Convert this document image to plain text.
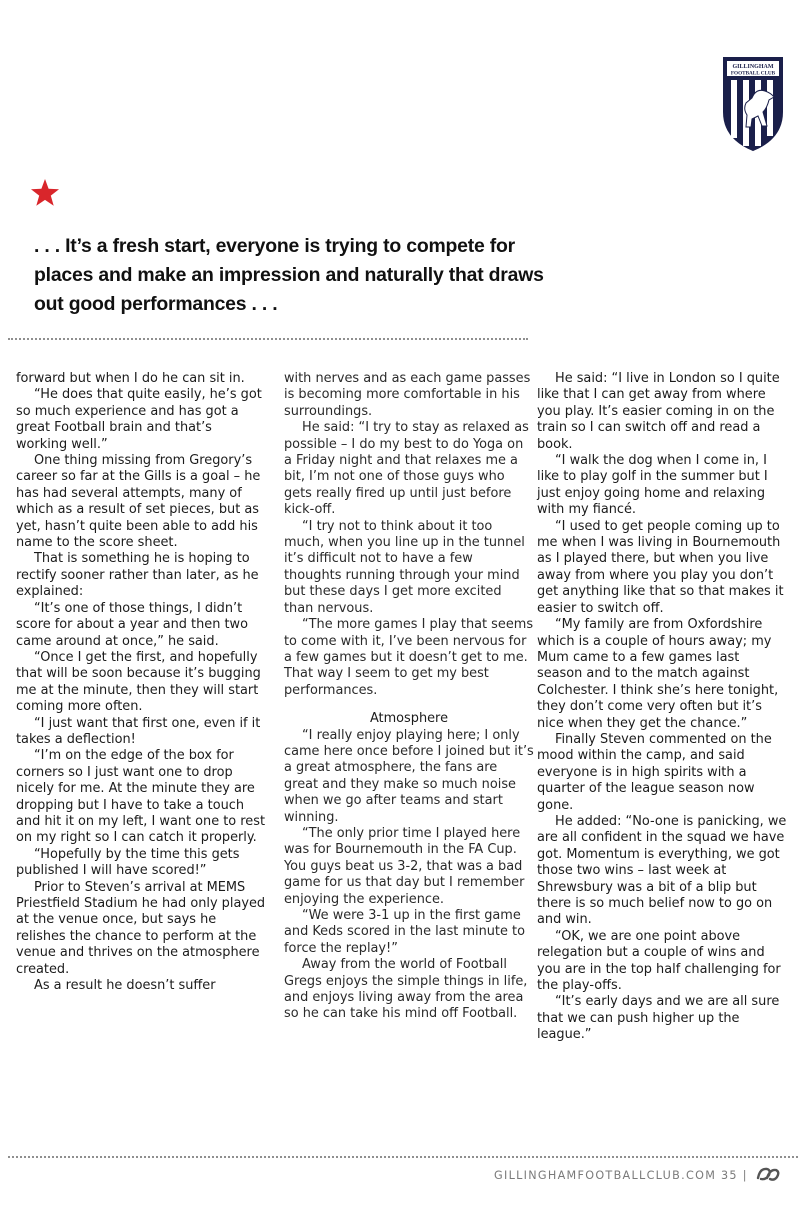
GILLINGHAM
FOOTBALL CLUB

. . . It’s a fresh start, everyone is trying to compete for places and make an impression and naturally that draws out good performances . . .

forward but when I do he can sit in.

“He does that quite easily, he’s got so much experience and has got a great Football brain and that’s working well.”

One thing missing from Gregory’s career so far at the Gills is a goal – he has had several attempts, many of which as a result of set pieces, but as yet, hasn’t quite been able to add his name to the score sheet.

That is something he is hoping to rectify sooner rather than later, as he explained:

“It’s one of those things, I didn’t score for about a year and then two came around at once,” he said.

“Once I get the first, and hopefully that will be soon because it’s bugging me at the minute, then they will start coming more often.

“I just want that first one, even if it takes a deflection!

“I’m on the edge of the box for corners so I just want one to drop nicely for me. At the minute they are dropping but I have to take a touch and hit it on my left, I want one to rest on my right so I can catch it properly.

“Hopefully by the time this gets published I will have scored!”

Prior to Steven’s arrival at MEMS Priestfield Stadium he had only played at the venue once, but says he relishes the chance to perform at the venue and thrives on the atmosphere created.

As a result he doesn’t suffer

with nerves and as each game passes is becoming more comfortable in his surroundings.

He said: “I try to stay as relaxed as possible – I do my best to do Yoga on a Friday night and that relaxes me a bit, I’m not one of those guys who gets really fired up until just before kick-off.

“I try not to think about it too much, when you line up in the tunnel it’s difficult not to have a few thoughts running through your mind but these days I get more excited than nervous.

“The more games I play that seems to come with it, I’ve been nervous for a few games but it doesn’t get to me. That way I seem to get my best performances.

Atmosphere

“I really enjoy playing here; I only came here once before I joined but it’s a great atmosphere, the fans are great and they make so much noise when we go after teams and start winning.

“The only prior time I played here was for Bournemouth in the FA Cup. You guys beat us 3-2, that was a bad game for us that day but I remember enjoying the experience.

“We were 3-1 up in the first game and Keds scored in the last minute to force the replay!”

Away from the world of Football Gregs enjoys the simple things in life, and enjoys living away from the area so he can take his mind off Football.

He said: “I live in London so I quite like that I can get away from where you play. It’s easier coming in on the train so I can switch off and read a book.

“I walk the dog when I come in, I like to play golf in the summer but I just enjoy going home and relaxing with my fiancé.

“I used to get people coming up to me when I was living in Bournemouth as I played there, but when you live away from where you play you don’t get anything like that so that makes it easier to switch off.

“My family are from Oxfordshire which is a couple of hours away; my Mum came to a few games last season and to the match against Colchester. I think she’s here tonight, they don’t come very often but it’s nice when they get the chance.”

Finally Steven commented on the mood within the camp, and said everyone is in high spirits with a quarter of the league season now gone.

He added: “No-one is panicking, we are all confident in the squad we have got. Momentum is everything, we got those two wins – last week at Shrewsbury was a bit of a blip but there is so much belief now to go on and win.

“OK, we are one point above relegation but a couple of wins and you are in the top half challenging for the play-offs.

“It’s early days and we are all sure that we can push higher up the league.”

GILLINGHAMFOOTBALLCLUB.COM 35 |
